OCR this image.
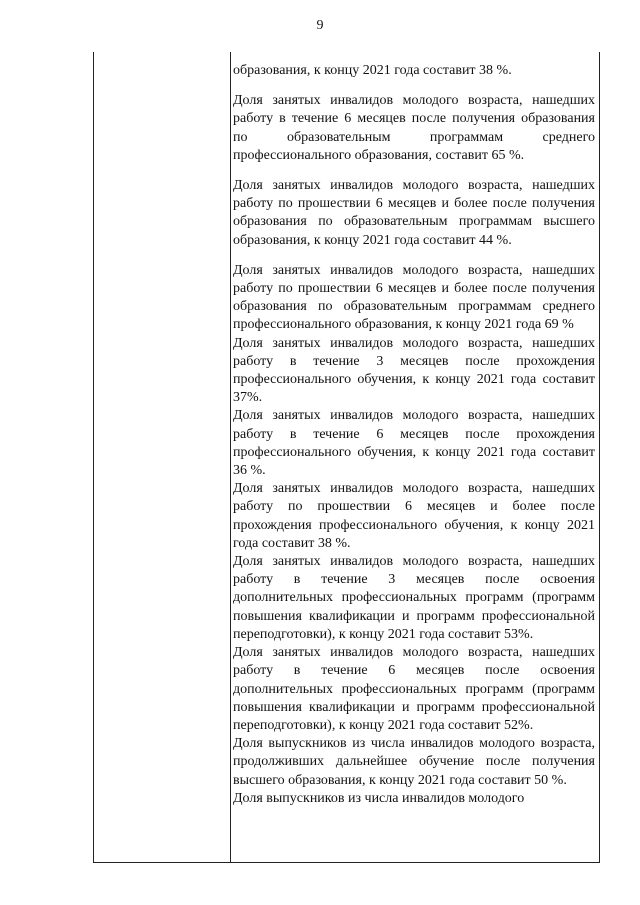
9

образования, к концу 2021 года составит 38 %.

Доля занятых инвалидов молодого возраста, нашедших работу в течение 6 месяцев после получения образования по образовательным программам среднего профессионального образования, составит 65 %.

Доля занятых инвалидов молодого возраста, нашедших работу по прошествии 6 месяцев и более после получения образования по образовательным программам высшего образования, к концу 2021 года составит 44 %.

Доля занятых инвалидов молодого возраста, нашедших работу по прошествии 6 месяцев и более после получения образования по образовательным программам среднего профессионального образования, к концу 2021 года 69 %

Доля занятых инвалидов молодого возраста, нашедших работу в течение 3 месяцев после прохождения профессионального обучения, к концу 2021 года составит 37%.

Доля занятых инвалидов молодого возраста, нашедших работу в течение 6 месяцев после прохождения профессионального обучения, к концу 2021 года составит 36 %.

Доля занятых инвалидов молодого возраста, нашедших работу по прошествии 6 месяцев и более после прохождения профессионального обучения, к концу 2021 года составит 38 %.

Доля занятых инвалидов молодого возраста, нашедших работу в течение 3 месяцев после освоения дополнительных профессиональных программ (программ повышения квалификации и программ профессиональной переподготовки), к концу 2021 года составит 53%.

Доля занятых инвалидов молодого возраста, нашедших работу в течение 6 месяцев после освоения дополнительных профессиональных программ (программ повышения квалификации и программ профессиональной переподготовки), к концу 2021 года составит 52%.

Доля выпускников из числа инвалидов молодого возраста, продолживших дальнейшее обучение после получения высшего образования, к концу 2021 года составит 50 %.

Доля выпускников из числа инвалидов молодого
